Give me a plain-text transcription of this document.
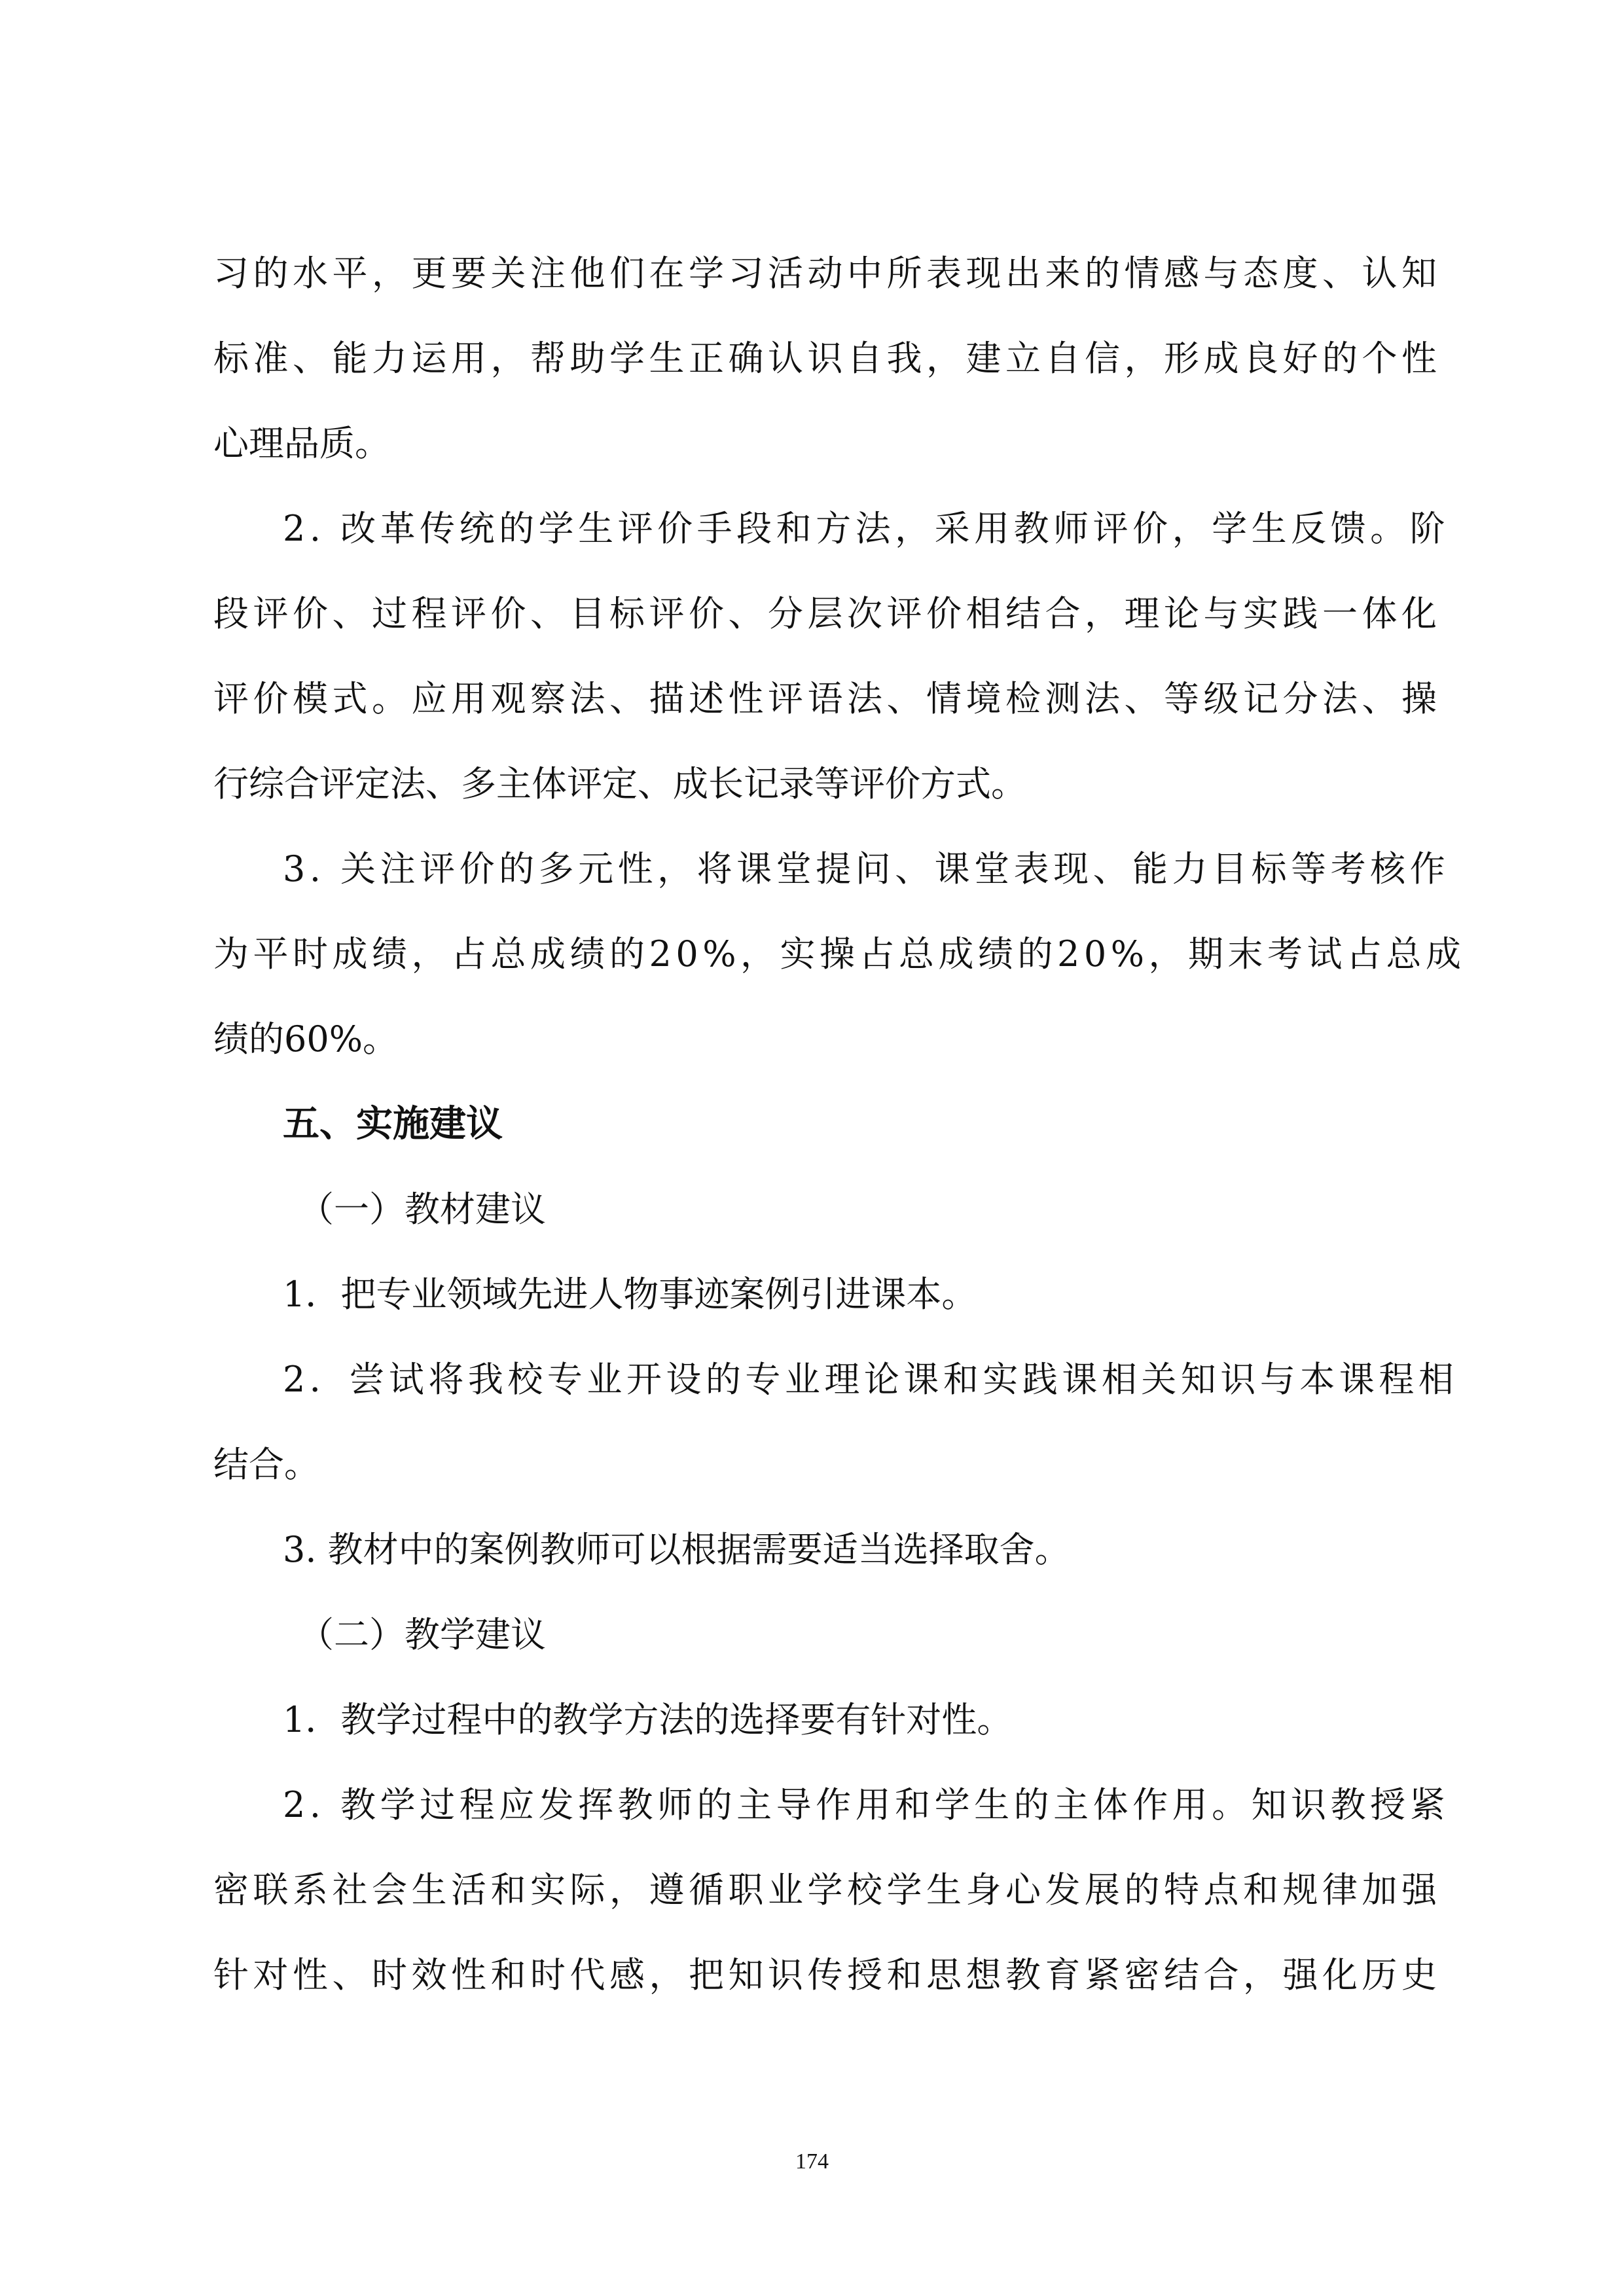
习的水平，更要关注他们在学习活动中所表现出来的情感与态度、认知
标准、能力运用，帮助学生正确认识自我，建立自信，形成良好的个性
心理品质。
2. 改革传统的学生评价手段和方法，采用教师评价，学生反馈。阶
段评价、过程评价、目标评价、分层次评价相结合，理论与实践一体化
评价模式。应用观察法、描述性评语法、情境检测法、等级记分法、操
行综合评定法、多主体评定、成长记录等评价方式。
3. 关注评价的多元性，将课堂提问、课堂表现、能力目标等考核作
为平时成绩，占总成绩的20%，实操占总成绩的20%，期末考试占总成
绩的60%。
五、实施建议
（一）教材建议
1．把专业领域先进人物事迹案例引进课本。
2．尝试将我校专业开设的专业理论课和实践课相关知识与本课程相
结合。
3. 教材中的案例教师可以根据需要适当选择取舍。
（二）教学建议
1．教学过程中的教学方法的选择要有针对性。
2. 教学过程应发挥教师的主导作用和学生的主体作用。知识教授紧
密联系社会生活和实际，遵循职业学校学生身心发展的特点和规律加强
针对性、时效性和时代感，把知识传授和思想教育紧密结合，强化历史
174
